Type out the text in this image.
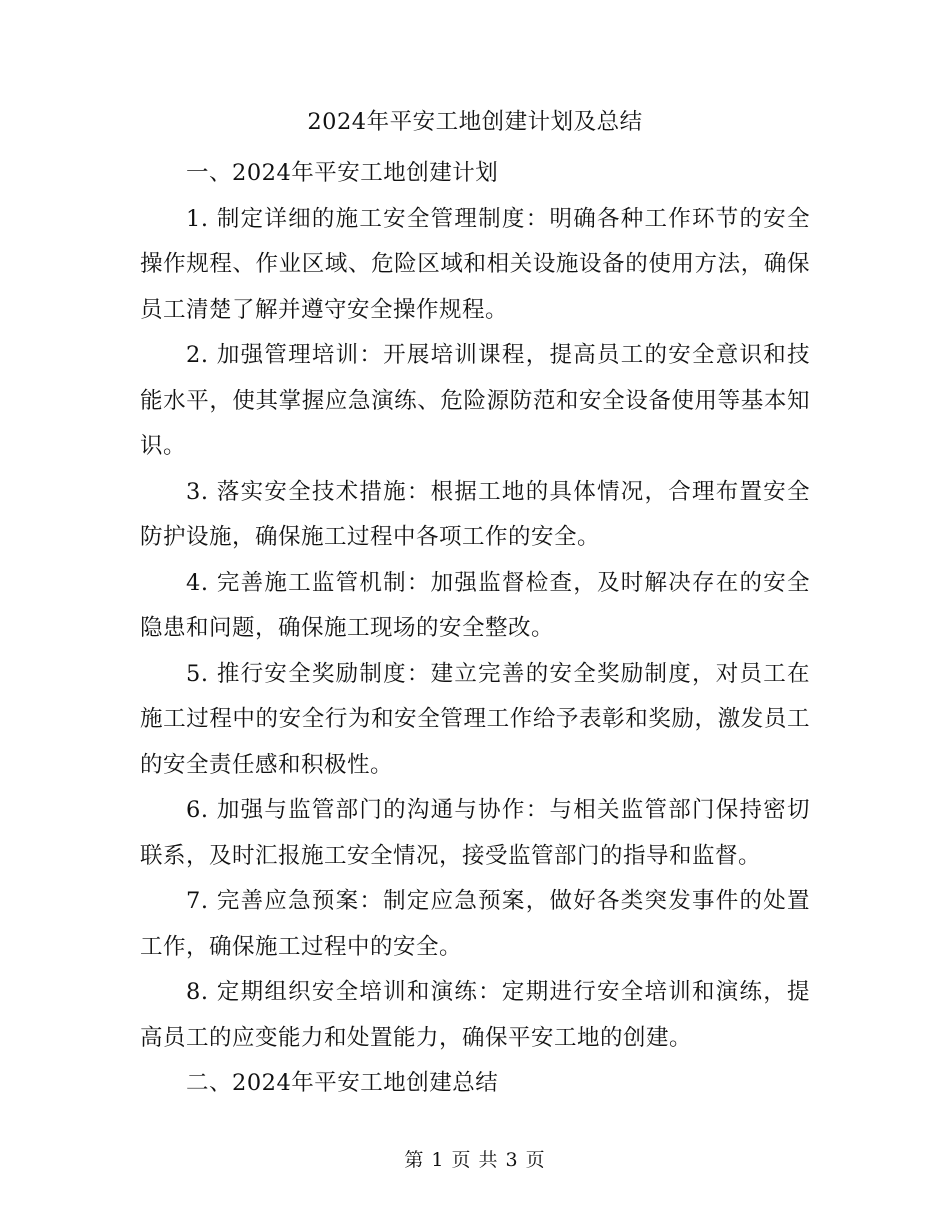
2024年平安工地创建计划及总结

一、2024年平安工地创建计划

1. 制定详细的施工安全管理制度：明确各种工作环节的安全操作规程、作业区域、危险区域和相关设施设备的使用方法，确保员工清楚了解并遵守安全操作规程。

2. 加强管理培训：开展培训课程，提高员工的安全意识和技能水平，使其掌握应急演练、危险源防范和安全设备使用等基本知识。

3. 落实安全技术措施：根据工地的具体情况，合理布置安全防护设施，确保施工过程中各项工作的安全。

4. 完善施工监管机制：加强监督检查，及时解决存在的安全隐患和问题，确保施工现场的安全整改。

5. 推行安全奖励制度：建立完善的安全奖励制度，对员工在施工过程中的安全行为和安全管理工作给予表彰和奖励，激发员工的安全责任感和积极性。

6. 加强与监管部门的沟通与协作：与相关监管部门保持密切联系，及时汇报施工安全情况，接受监管部门的指导和监督。

7. 完善应急预案：制定应急预案，做好各类突发事件的处置工作，确保施工过程中的安全。

8. 定期组织安全培训和演练：定期进行安全培训和演练，提高员工的应变能力和处置能力，确保平安工地的创建。

二、2024年平安工地创建总结

第 1 页 共 3 页
